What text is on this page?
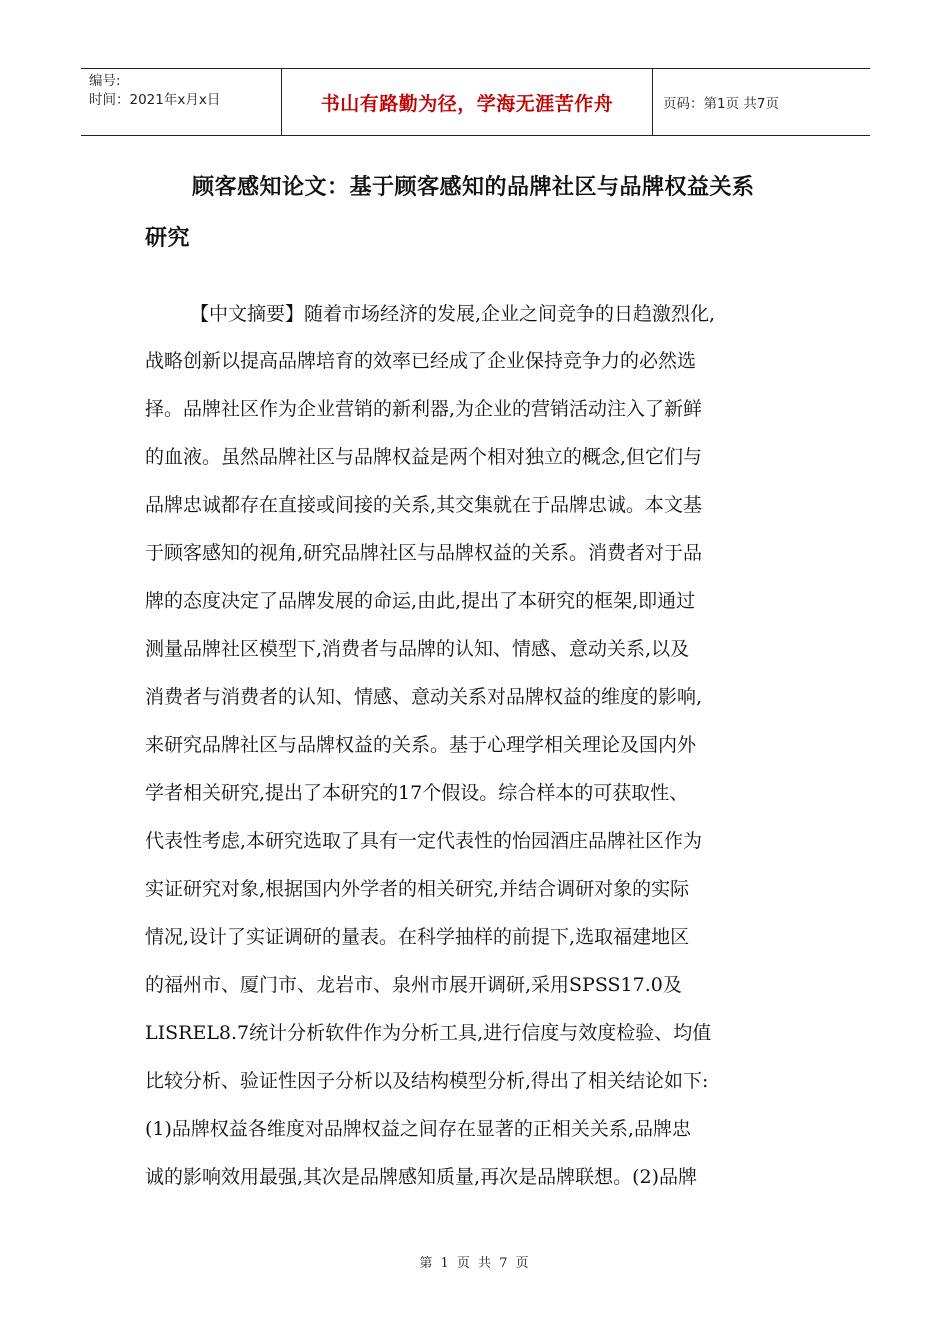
编号:
时间：2021年x月x日	书山有路勤为径，学海无涯苦作舟	页码：第1页 共7页
顾客感知论文：基于顾客感知的品牌社区与品牌权益关系
研究
【中文摘要】随着市场经济的发展,企业之间竞争的日趋激烈化,
战略创新以提高品牌培育的效率已经成了企业保持竞争力的必然选
择。品牌社区作为企业营销的新利器,为企业的营销活动注入了新鲜
的血液。虽然品牌社区与品牌权益是两个相对独立的概念,但它们与
品牌忠诚都存在直接或间接的关系,其交集就在于品牌忠诚。本文基
于顾客感知的视角,研究品牌社区与品牌权益的关系。消费者对于品
牌的态度决定了品牌发展的命运,由此,提出了本研究的框架,即通过
测量品牌社区模型下,消费者与品牌的认知、情感、意动关系,以及
消费者与消费者的认知、情感、意动关系对品牌权益的维度的影响,
来研究品牌社区与品牌权益的关系。基于心理学相关理论及国内外
学者相关研究,提出了本研究的17个假设。综合样本的可获取性、
代表性考虑,本研究选取了具有一定代表性的怡园酒庄品牌社区作为
实证研究对象,根据国内外学者的相关研究,并结合调研对象的实际
情况,设计了实证调研的量表。在科学抽样的前提下,选取福建地区
的福州市、厦门市、龙岩市、泉州市展开调研,采用SPSS17.0及
LISREL8.7统计分析软件作为分析工具,进行信度与效度检验、均值
比较分析、验证性因子分析以及结构模型分析,得出了相关结论如下:
(1)品牌权益各维度对品牌权益之间存在显著的正相关关系,品牌忠
诚的影响效用最强,其次是品牌感知质量,再次是品牌联想。(2)品牌
第 1 页 共 7 页
